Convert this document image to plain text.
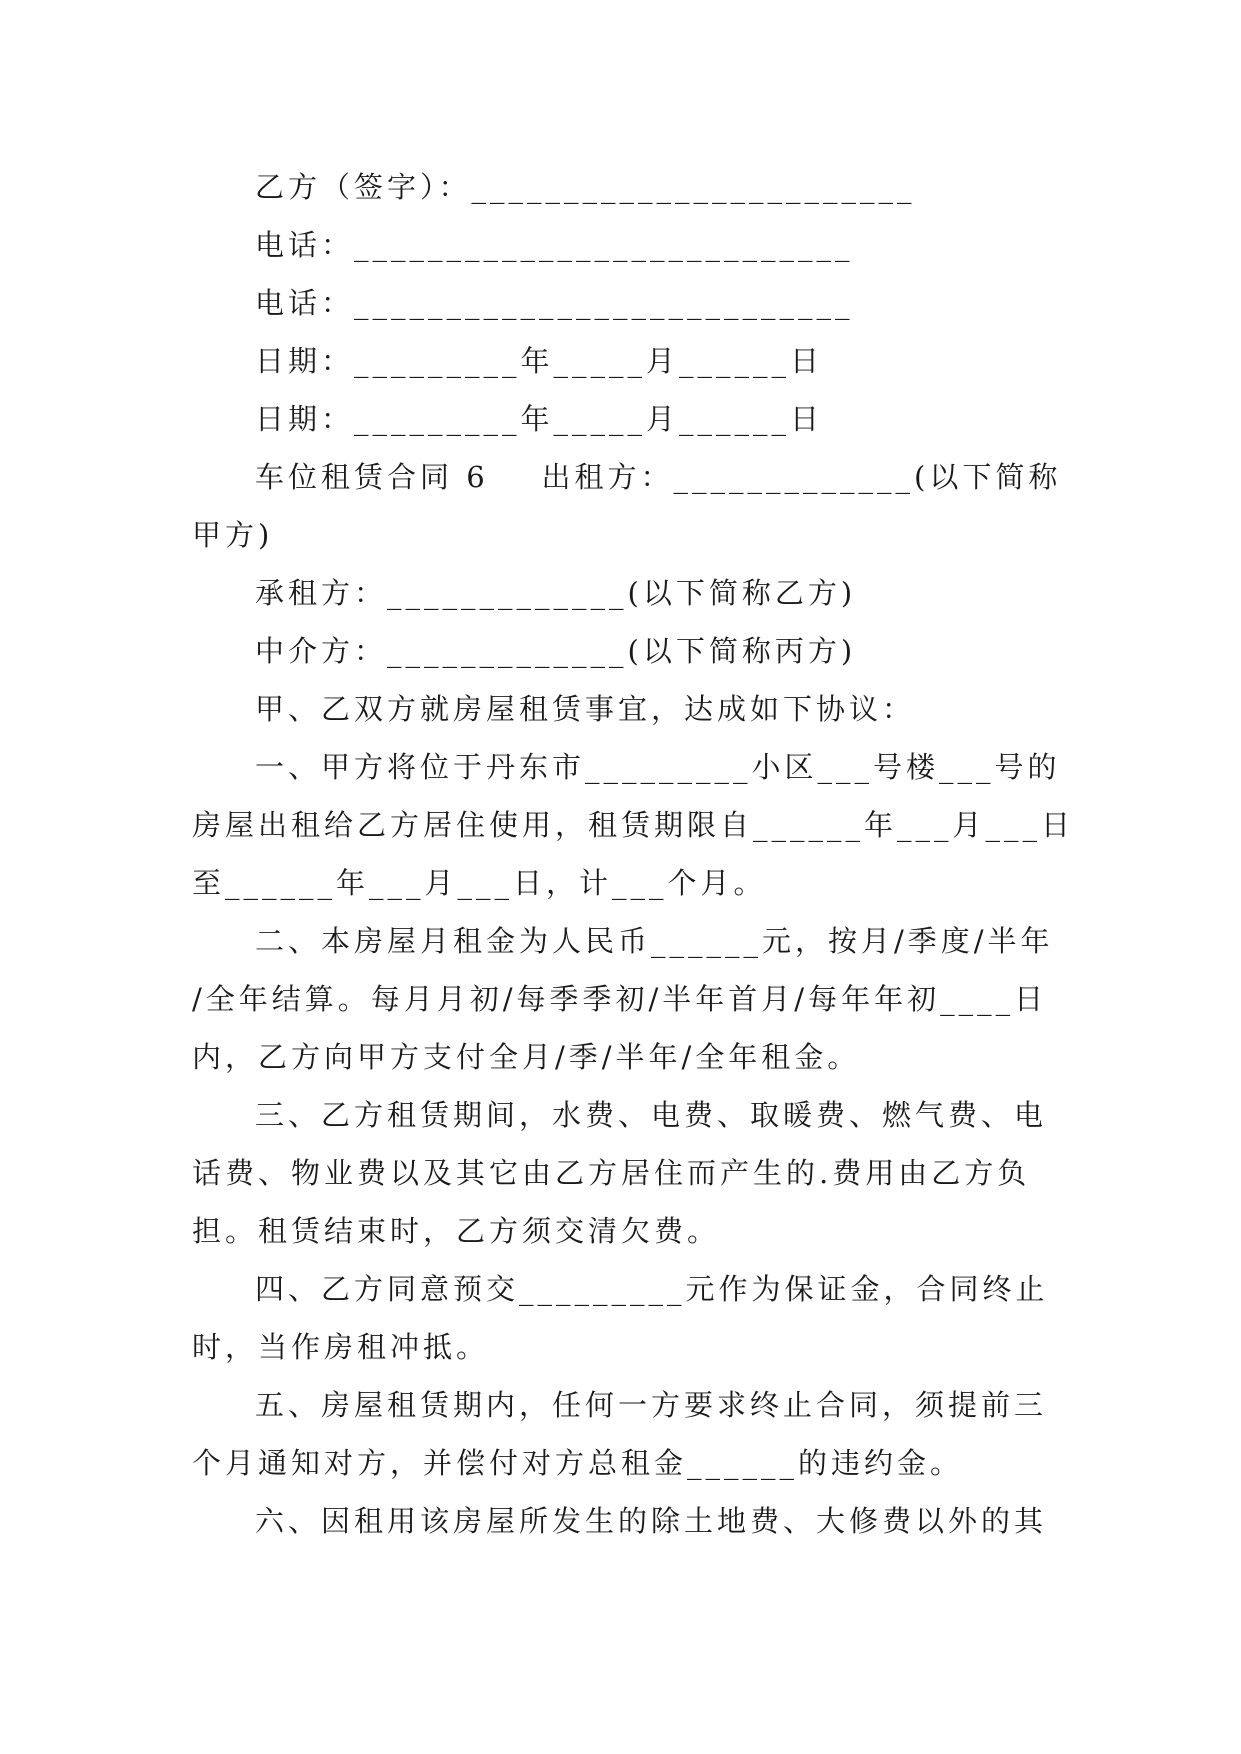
乙方（签字）：________________________
电话：___________________________
电话：___________________________
日期：_________年_____月______日
日期：_________年_____月______日
车位租赁合同 6    出租方：_____________(以下简称
甲方)
承租方：_____________(以下简称乙方)
中介方：_____________(以下简称丙方)
甲、乙双方就房屋租赁事宜，达成如下协议：
一、甲方将位于丹东市_________小区___号楼___号的
房屋出租给乙方居住使用，租赁期限自______年___月___日
至______年___月___日，计___个月。
二、本房屋月租金为人民币______元，按月/季度/半年
/全年结算。每月月初/每季季初/半年首月/每年年初____日
内，乙方向甲方支付全月/季/半年/全年租金。
三、乙方租赁期间，水费、电费、取暖费、燃气费、电
话费、物业费以及其它由乙方居住而产生的.费用由乙方负
担。租赁结束时，乙方须交清欠费。
四、乙方同意预交_________元作为保证金，合同终止
时，当作房租冲抵。
五、房屋租赁期内，任何一方要求终止合同，须提前三
个月通知对方，并偿付对方总租金______的违约金。
六、因租用该房屋所发生的除土地费、大修费以外的其
